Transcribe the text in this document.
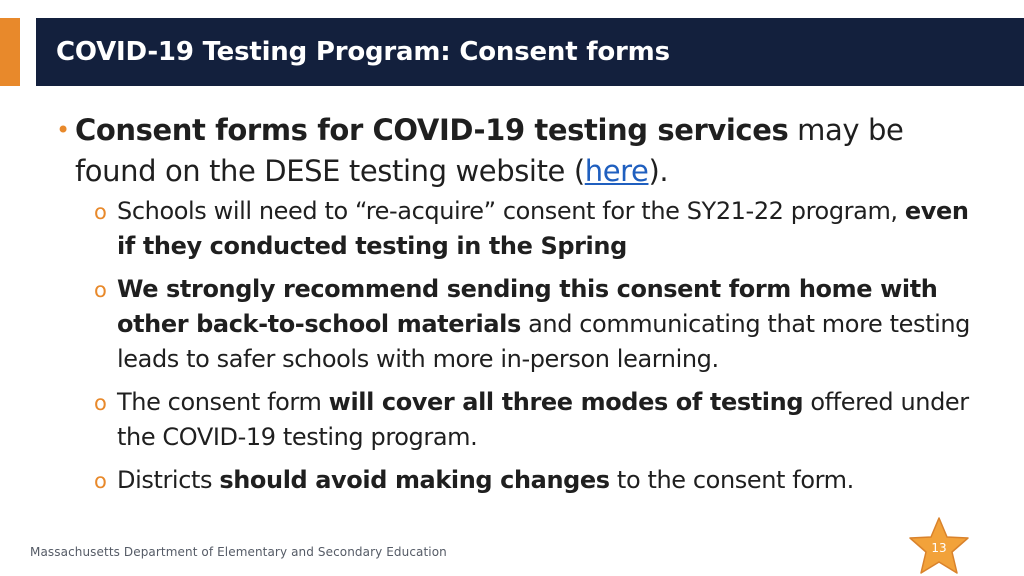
COVID-19 Testing Program: Consent forms
• Consent forms for COVID-19 testing services may be found on the DESE testing website (here).
o Schools will need to “re-acquire” consent for the SY21-22 program, even if they conducted testing in the Spring
o We strongly recommend sending this consent form home with other back-to-school materials and communicating that more testing leads to safer schools with more in-person learning.
o The consent form will cover all three modes of testing offered under the COVID-19 testing program.
o Districts should avoid making changes to the consent form.
Massachusetts Department of Elementary and Secondary Education	13
